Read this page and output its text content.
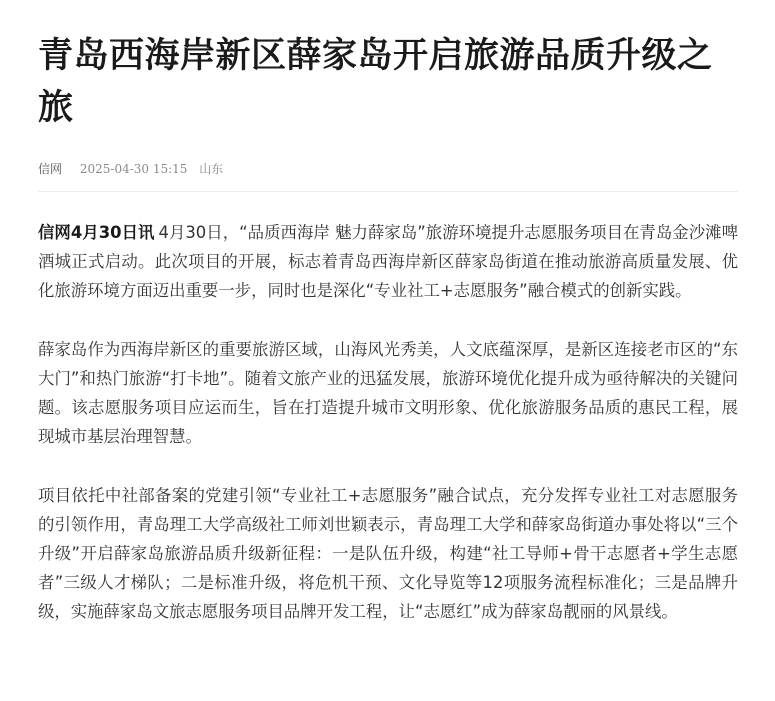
青岛西海岸新区薛家岛开启旅游品质升级之旅
信网 2025-04-30 15:15 山东

信网4月30日讯 4月30日，“品质西海岸 魅力薛家岛”旅游环境提升志愿服务项目在青岛金沙滩啤酒城正式启动。此次项目的开展，标志着青岛西海岸新区薛家岛街道在推动旅游高质量发展、优化旅游环境方面迈出重要一步，同时也是深化“专业社工+志愿服务”融合模式的创新实践。

薛家岛作为西海岸新区的重要旅游区域，山海风光秀美，人文底蕴深厚，是新区连接老市区的“东大门”和热门旅游“打卡地”。随着文旅产业的迅猛发展，旅游环境优化提升成为亟待解决的关键问题。该志愿服务项目应运而生，旨在打造提升城市文明形象、优化旅游服务品质的惠民工程，展现城市基层治理智慧。

项目依托中社部备案的党建引领“专业社工+志愿服务”融合试点，充分发挥专业社工对志愿服务的引领作用，青岛理工大学高级社工师刘世颖表示，青岛理工大学和薛家岛街道办事处将以“三个升级”开启薛家岛旅游品质升级新征程：一是队伍升级，构建“社工导师+骨干志愿者+学生志愿者”三级人才梯队；二是标准升级，将危机干预、文化导览等12项服务流程标准化；三是品牌升级，实施薛家岛文旅志愿服务项目品牌开发工程，让“志愿红”成为薛家岛靓丽的风景线。
